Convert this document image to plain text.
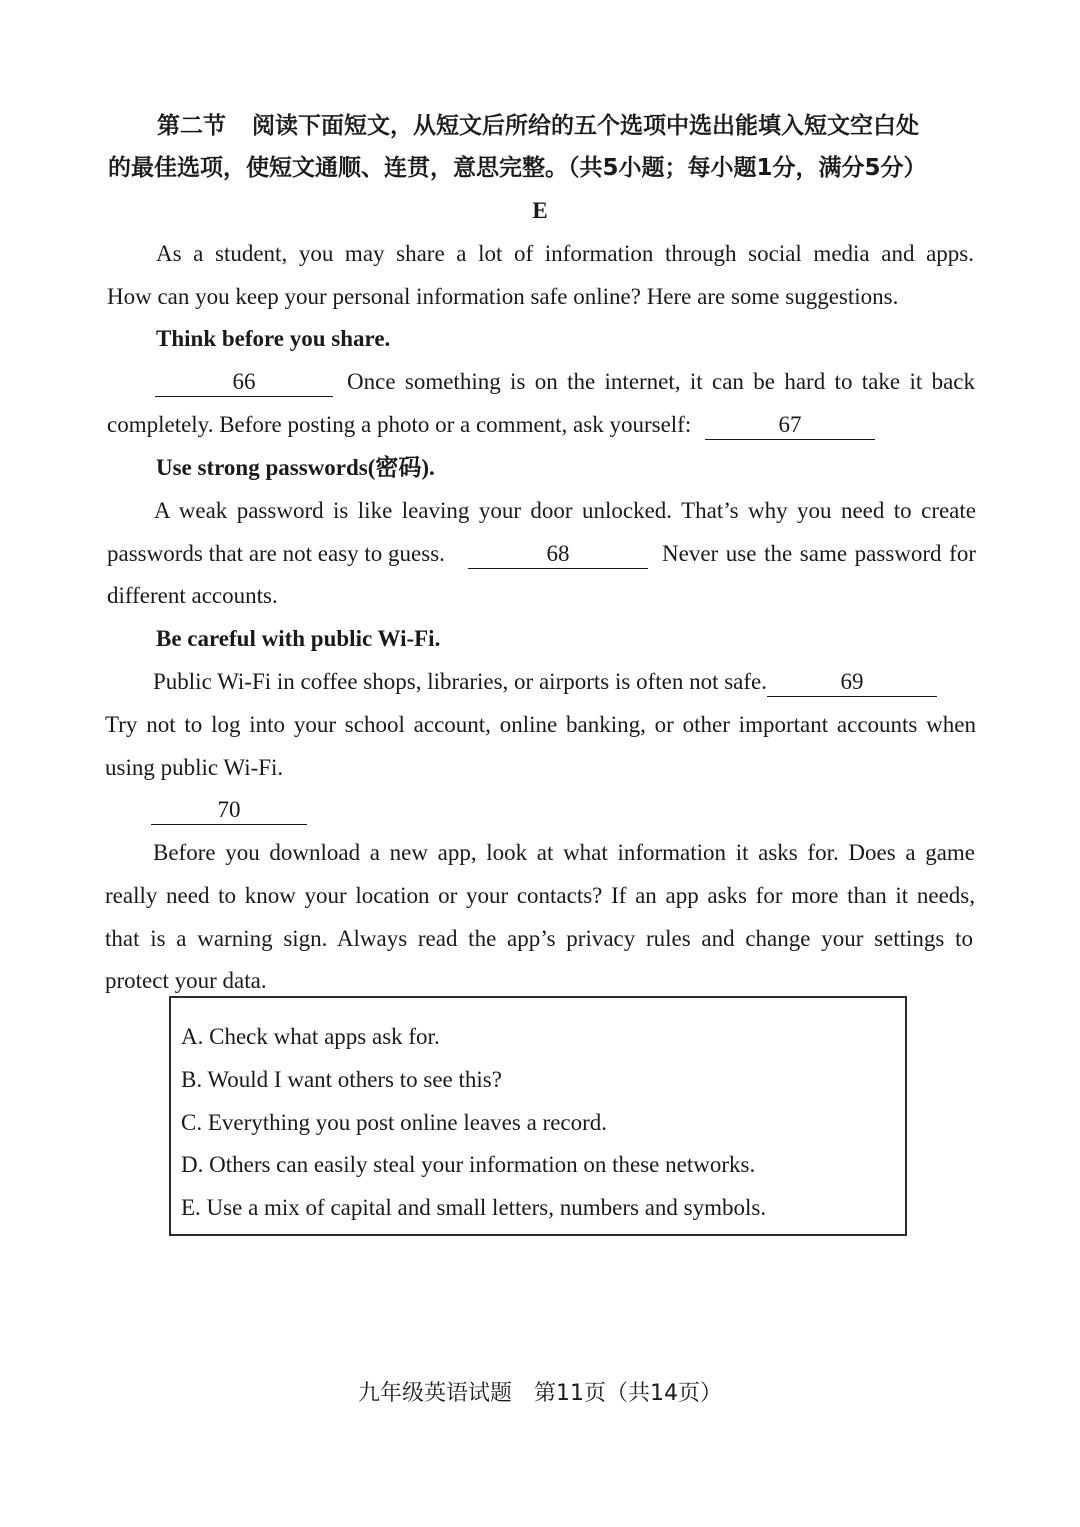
第二节 阅读下面短文，从短文后所给的五个选项中选出能填入短文空白处
的最佳选项，使短文通顺、连贯，意思完整。（共5小题；每小题1分，满分5分）
E
As a student, you may share a lot of information through social media and apps.
How can you keep your personal information safe online? Here are some suggestions.
Think before you share.
66	Once something is on the internet, it can be hard to take it back
completely. Before posting a photo or a comment, ask yourself:	67
Use strong passwords(密码).
A weak password is like leaving your door unlocked. That’s why you need to create
passwords that are not easy to guess.	68	Never use the same password for
different accounts.
Be careful with public Wi-Fi.
Public Wi-Fi in coffee shops, libraries, or airports is often not safe.	69
Try not to log into your school account, online banking, or other important accounts when
using public Wi-Fi.
70
Before you download a new app, look at what information it asks for. Does a game
really need to know your location or your contacts? If an app asks for more than it needs,
that is a warning sign. Always read the app’s privacy rules and change your settings to
protect your data.
A. Check what apps ask for.
B. Would I want others to see this?
C. Everything you post online leaves a record.
D. Others can easily steal your information on these networks.
E. Use a mix of capital and small letters, numbers and symbols.
九年级英语试题　第11页（共14页）
